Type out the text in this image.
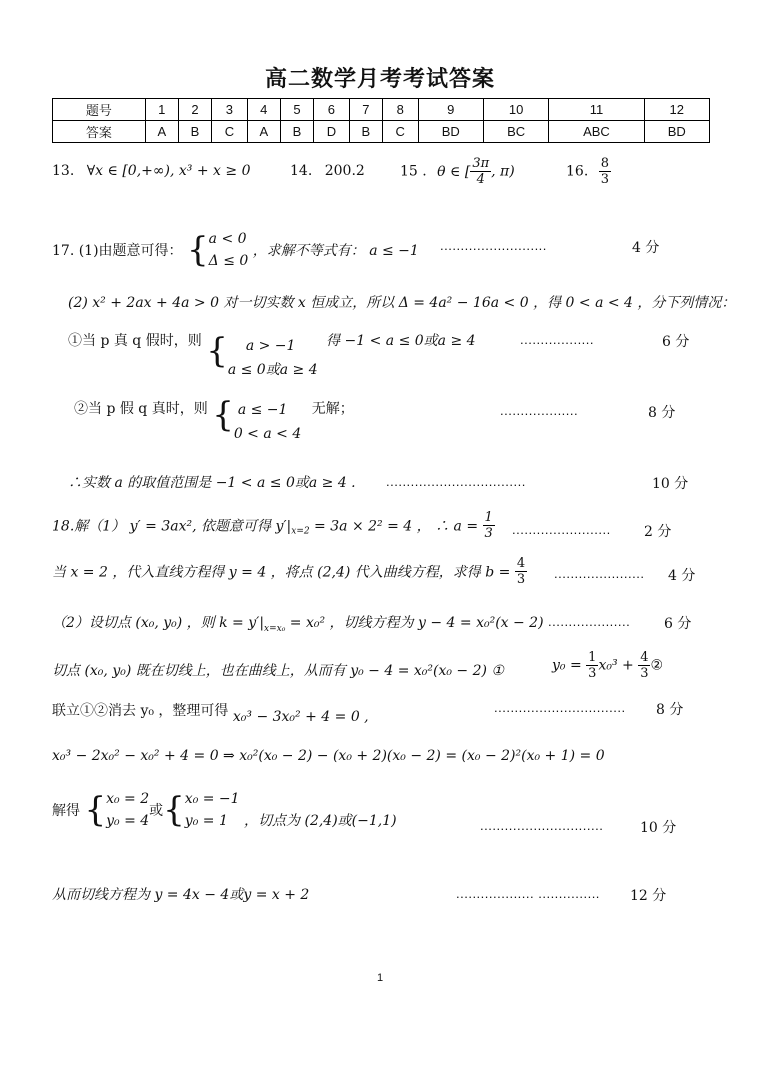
高二数学月考考试答案
题号	1	2	3	4	5	6	7	8	9	10	11	12
答案	A	B	C	A	B	D	B	C	BD	BC	ABC	BD
13. ∀x ∈ [0,+∞), x³ + x ≥ 0	14. 200.2	15 . θ ∈ [ $\frac{3\pi}{4}$ , π)	16. $\frac{8}{3}$
17. (1)由题意可得： { a < 0
Δ ≤ 0
，求解不等式有： a ≤ −1 ..........................	4 分
(2) x² + 2ax + 4a > 0 对一切实数 x 恒成立，所以 Δ = 4a² − 16a < 0 ，得 0 < a < 4 ，分下列情况：
①当 p 真 q 假时，则 {	a > −1
a ≤ 0或a ≥ 4
得 −1 < a ≤ 0或a ≥ 4	..................	6 分
②当 p 假 q 真时，则 { a ≤ −1
0 < a < 4
无解；	...................	8 分
∴实数 a 的取值范围是 −1 < a ≤ 0或a ≥ 4 . ..................................	10 分
18.解（1） y′ = 3ax², 依题意可得 $y'|_{x=2} = 3a \times 2^2 = 4$ ， ∴ $a = \frac{1}{3}$ ........................ 2 分
当 x = 2 ，代入直线方程得 y = 4 ，将点 (2,4) 代入曲线方程，求得 $b = \frac{4}{3}$ ...................... 4 分
（2）设切点 (x₀, y₀) ，则 $k = y'|_{x=x_0} = x_0^2$ ，切线方程为 y − 4 = x₀²(x − 2) .................... 6 分
切点 (x₀, y₀) 既在切线上，也在曲线上，从而有 y₀ − 4 = x₀²(x₀ − 2) ①	$y_0 = \frac{1}{3} x_0^3 + \frac{4}{3}$ ②
联立①②消去 y₀ ，整理可得 x₀³ − 3x₀² + 4 = 0 ,
................................ 8 分
x₀³ − 2x₀² − x₀² + 4 = 0 ⇒ x₀²(x₀ − 2) − (x₀ + 2)(x₀ − 2) = (x₀ − 2)²(x₀ + 1) = 0
解得 { x₀ = 2
y₀ = 4
或{ x₀ = −1
y₀ = 1	，切点为 (2,4)或(−1,1)	..............................	10 分
从而切线方程为 y = 4x − 4或y = x + 2	................... ............... 12 分
1
